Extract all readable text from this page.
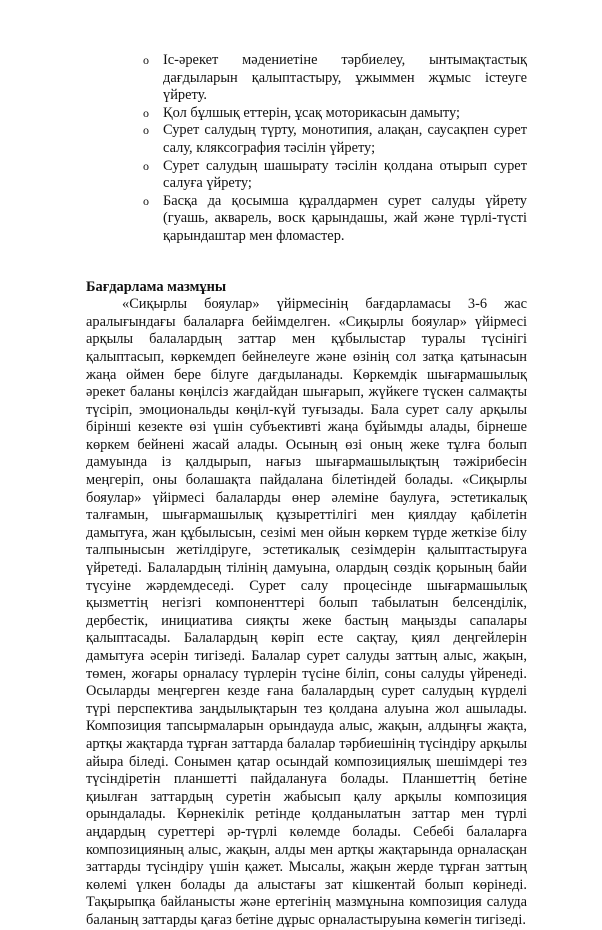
o Іс-әрекет мәдениетіне тәрбиелеу, ынтымақтастық дағдыларын қалыптастыру, ұжыммен жұмыс істеуге үйрету.
o Қол бұлшық еттерін, ұсақ моторикасын дамыту;
o Сурет салудың түрту, монотипия, алақан, саусақпен сурет салу, кляксография тәсілін үйрету;
o Сурет салудың шашырату тәсілін қолдана отырып сурет салуға үйрету;
o Басқа да қосымша құралдармен сурет салуды үйрету (гуашь, акварель, воск қарындашы, жай және түрлі-түсті қарындаштар мен фломастер.
Бағдарлама мазмұны

«Сиқырлы бояулар» үйірмесінің бағдарламасы 3-6 жас аралығындағы балаларға бейімделген. «Сиқырлы бояулар» үйірмесі арқылы балалардың заттар мен құбылыстар туралы түсінігі қалыптасып, көркемдеп бейнелеуге және өзінің сол затқа қатынасын жаңа оймен бере білуге дағдыланады. Көркемдік шығармашылық әрекет баланы көңілсіз жағдайдан шығарып, жүйкеге түскен салмақты түсіріп, эмоциональды көңіл-күй туғызады. Бала сурет салу арқылы бірінші кезекте өзі үшін субъективті жаңа бұйымды алады, бірнеше көркем бейнені жасай алады. Осының өзі оның жеке тұлға болып дамуында із қалдырып, нағыз шығармашылықтың тәжірибесін меңгеріп, оны болашақта пайдалана білетіндей болады. «Сиқырлы бояулар» үйірмесі балаларды өнер әлеміне баулуға, эстетикалық талғамын, шығармашылық құзыреттілігі мен қиялдау қабілетін дамытуға, жан құбылысын, сезімі мен ойын көркем түрде жеткізе білу талпынысын жетілдіруге, эстетикалық сезімдерін қалыптастыруға үйретеді. Балалардың тілінің дамуына, олардың сөздік қорының байи түсуіне жәрдемдеседі. Сурет салу процесінде шығармашылық қызметтің негізгі компоненттері болып табылатын белсенділік, дербестік, инициатива сияқты жеке бастың маңызды сапалары қалыптасады. Балалардың көріп есте сақтау, қиял деңгейлерін дамытуға әсерін тигізеді. Балалар сурет салуды заттың алыс, жақын, төмен, жоғары орналасу түрлерін түсіне біліп, соны салуды үйренеді. Осыларды меңгерген кезде ғана балалардың сурет салудың күрделі түрі перспектива заңдылықтарын тез қолдана алуына жол ашылады. Композиция тапсырмаларын орындауда алыс, жақын, алдыңғы жақта, артқы жақтарда тұрған заттарда балалар тәрбиешінің түсіндіру арқылы айыра біледі. Сонымен қатар осындай композициялық шешімдері тез түсіндіретін планшетті пайдалануға болады. Планшеттің бетіне қиылған заттардың суретін жабысып қалу арқылы композиция орындалады. Көрнекілік ретінде қолданылатын заттар мен түрлі аңдардың суреттері әр-түрлі көлемде болады. Себебі балаларға композицияның алыс, жақын, алды мен артқы жақтарында орналасқан заттарды түсіндіру үшін қажет. Мысалы, жақын жерде тұрған заттың көлемі үлкен болады да алыстағы зат кішкентай болып көрінеді. Тақырыпқа байланысты және ертегінің мазмұнына композиция салуда баланың заттарды қағаз бетіне дұрыс орналастыруына көмегін тигізеді.
